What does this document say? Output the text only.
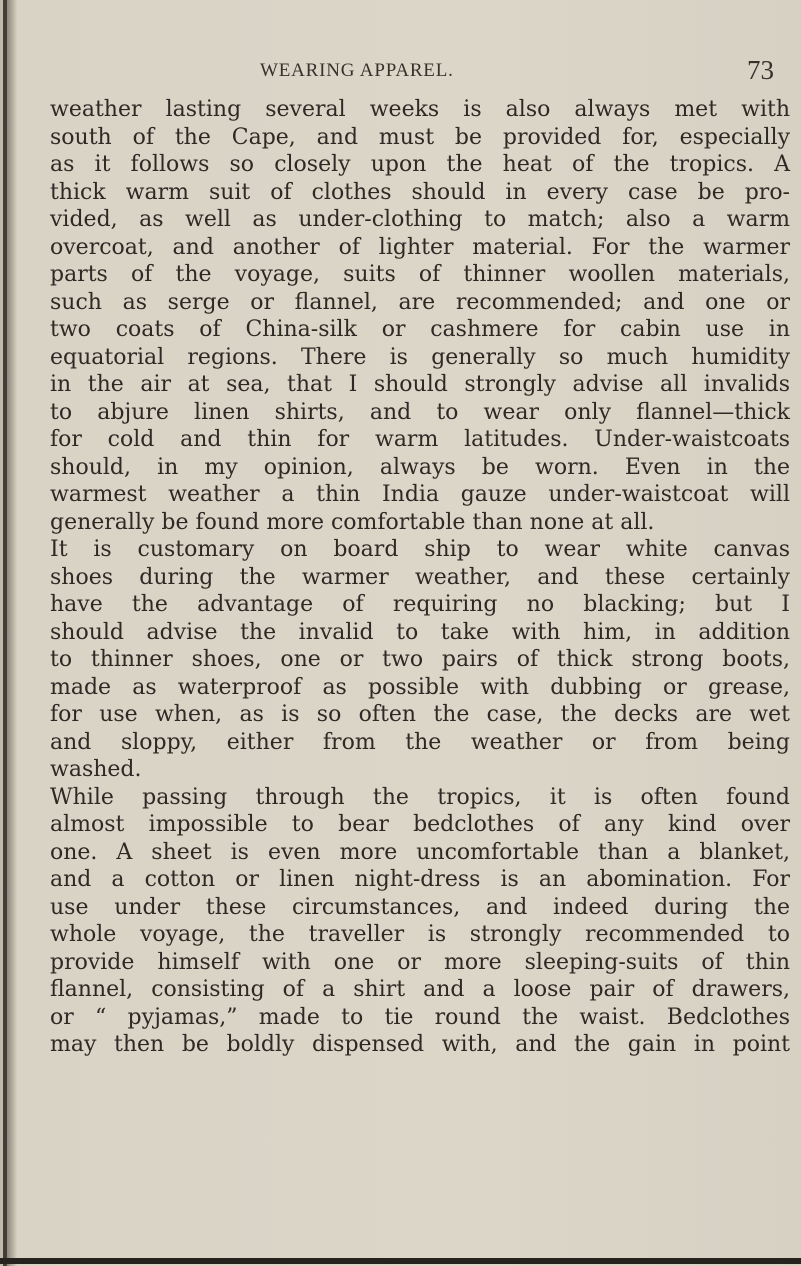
WEARING APPAREL.	73
weather lasting several weeks is also always met with
south of the Cape, and must be provided for, especially
as it follows so closely upon the heat of the tropics. A
thick warm suit of clothes should in every case be pro-
vided, as well as under-clothing to match; also a warm
overcoat, and another of lighter material. For the warmer
parts of the voyage, suits of thinner woollen materials,
such as serge or flannel, are recommended; and one or
two coats of China-silk or cashmere for cabin use in
equatorial regions. There is generally so much humidity
in the air at sea, that I should strongly advise all invalids
to abjure linen shirts, and to wear only flannel—thick
for cold and thin for warm latitudes. Under-waistcoats
should, in my opinion, always be worn. Even in the
warmest weather a thin India gauze under-waistcoat will
generally be found more comfortable than none at all.
It is customary on board ship to wear white canvas
shoes during the warmer weather, and these certainly
have the advantage of requiring no blacking; but I
should advise the invalid to take with him, in addition
to thinner shoes, one or two pairs of thick strong boots,
made as waterproof as possible with dubbing or grease,
for use when, as is so often the case, the decks are wet
and sloppy, either from the weather or from being
washed.
While passing through the tropics, it is often found
almost impossible to bear bedclothes of any kind over
one. A sheet is even more uncomfortable than a blanket,
and a cotton or linen night-dress is an abomination. For
use under these circumstances, and indeed during the
whole voyage, the traveller is strongly recommended to
provide himself with one or more sleeping-suits of thin
flannel, consisting of a shirt and a loose pair of drawers,
or “ pyjamas,” made to tie round the waist. Bedclothes
may then be boldly dispensed with, and the gain in point
